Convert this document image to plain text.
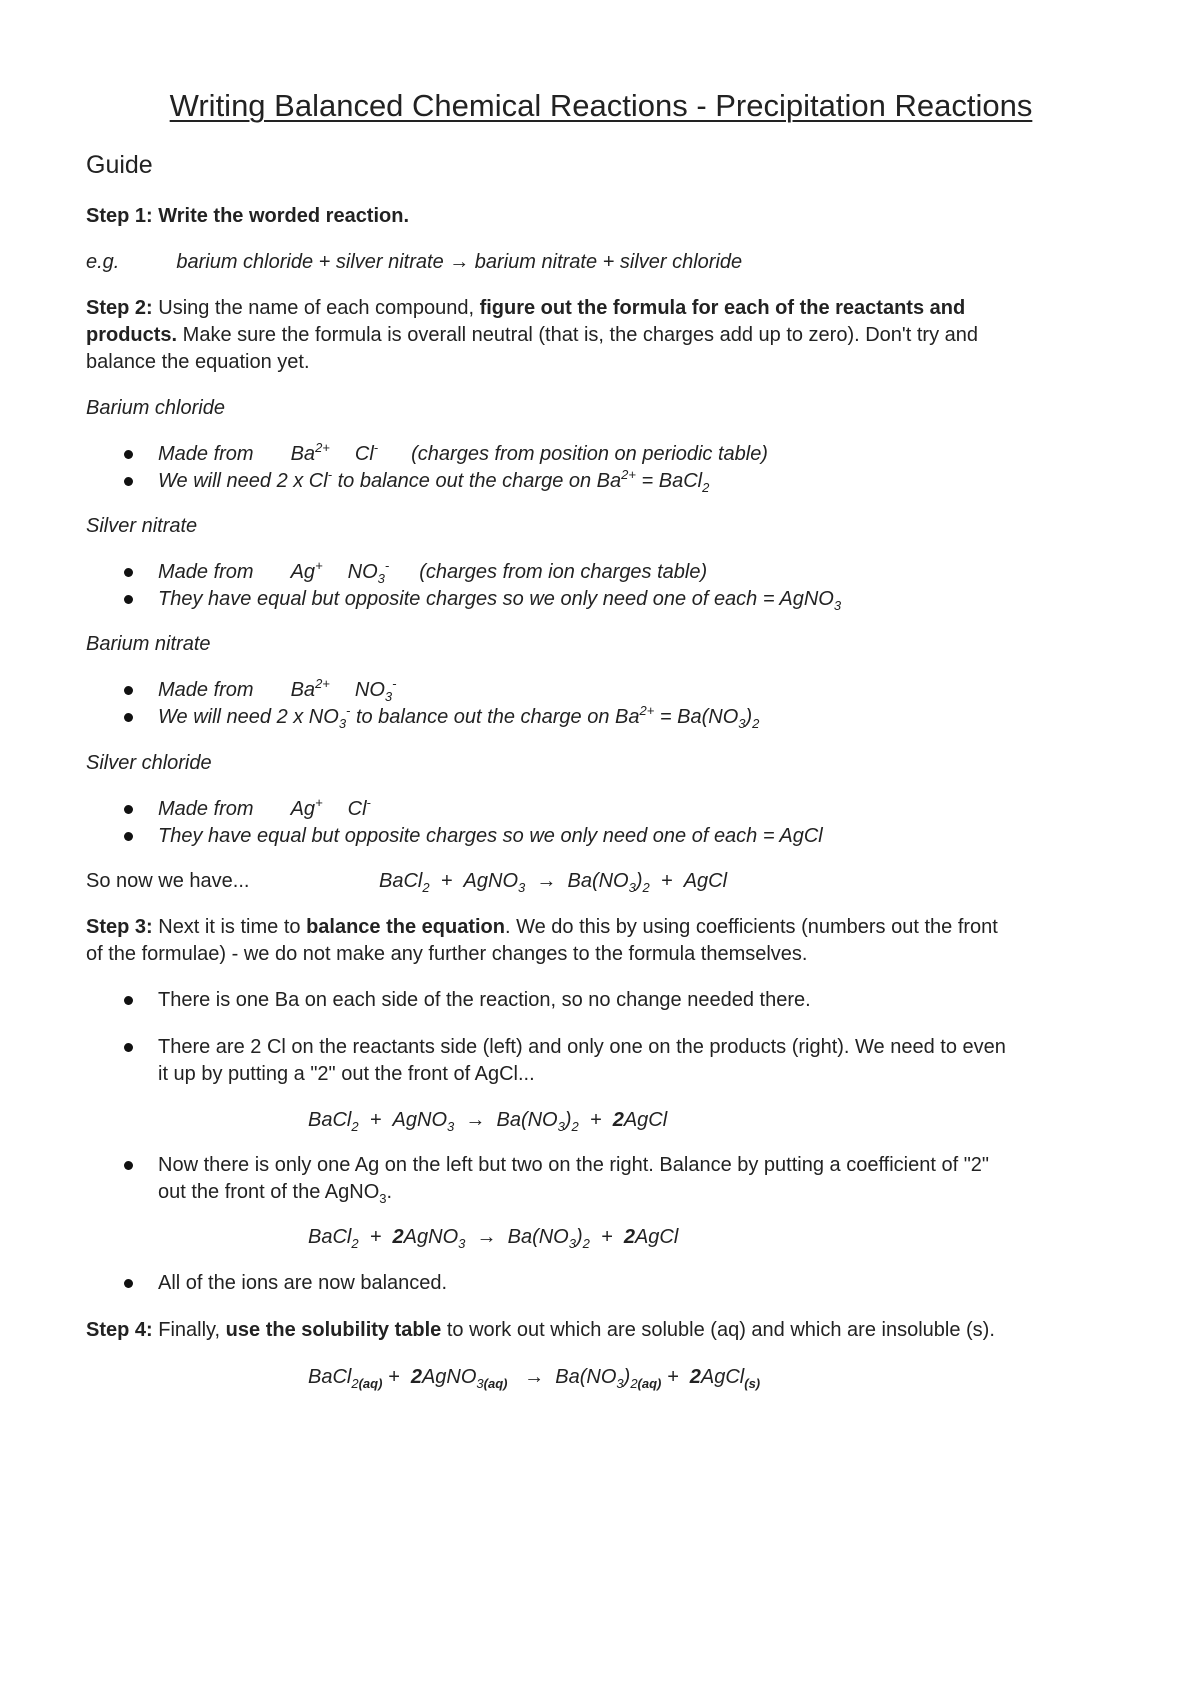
Writing Balanced Chemical Reactions - Precipitation Reactions
Guide
Step 1: Write the worded reaction.
e.g.	barium chloride + silver nitrate → barium nitrate + silver chloride
Step 2: Using the name of each compound, figure out the formula for each of the reactants and
products. Make sure the formula is overall neutral (that is, the charges add up to zero). Don't try and
balance the equation yet.
Barium chloride
Made from $Ba^{2+}$ Cl- (charges from position on periodic table)
We will need 2 x Cl- to balance out the charge on $Ba^{2+}$ = BaCl$_2$
Silver nitrate
Made from Ag+ $NO_3^-$ (charges from ion charges table)
They have equal but opposite charges so we only need one of each = AgNO$_3$
Barium nitrate
Made from $Ba^{2+}$ $NO_3^-$
We will need 2 x $NO_3^-$ to balance out the charge on $Ba^{2+} = Ba(NO_3)_2$
Silver chloride
Made from Ag+ Cl-
They have equal but opposite charges so we only need one of each = AgCl
So now we have...	BaCl$_2$ + AgNO$_3$ → $Ba(NO_3)_2$ + AgCl
Step 3: Next it is time to balance the equation. We do this by using coefficients (numbers out the front
of the formulae) - we do not make any further changes to the formula themselves.
There is one Ba on each side of the reaction, so no change needed there.
There are 2 Cl on the reactants side (left) and only one on the products (right). We need to even
it up by putting a "2" out the front of AgCl...
BaCl$_2$ + AgNO$_3$ → $Ba(NO_3)_2$ + 2AgCl
Now there is only one Ag on the left but two on the right. Balance by putting a coefficient of "2"
out the front of the AgNO$_3$.
BaCl$_2$ + 2AgNO$_3$ → $Ba(NO_3)_2$ + 2AgCl
All of the ions are now balanced.
Step 4: Finally, use the solubility table to work out which are soluble (aq) and which are insoluble (s).
BaCl$_{2(aq)}$ + 2AgNO$_{3(aq)}$ → $Ba(NO_3)_{2(aq)}$ + 2AgCl$_{(s)}$
